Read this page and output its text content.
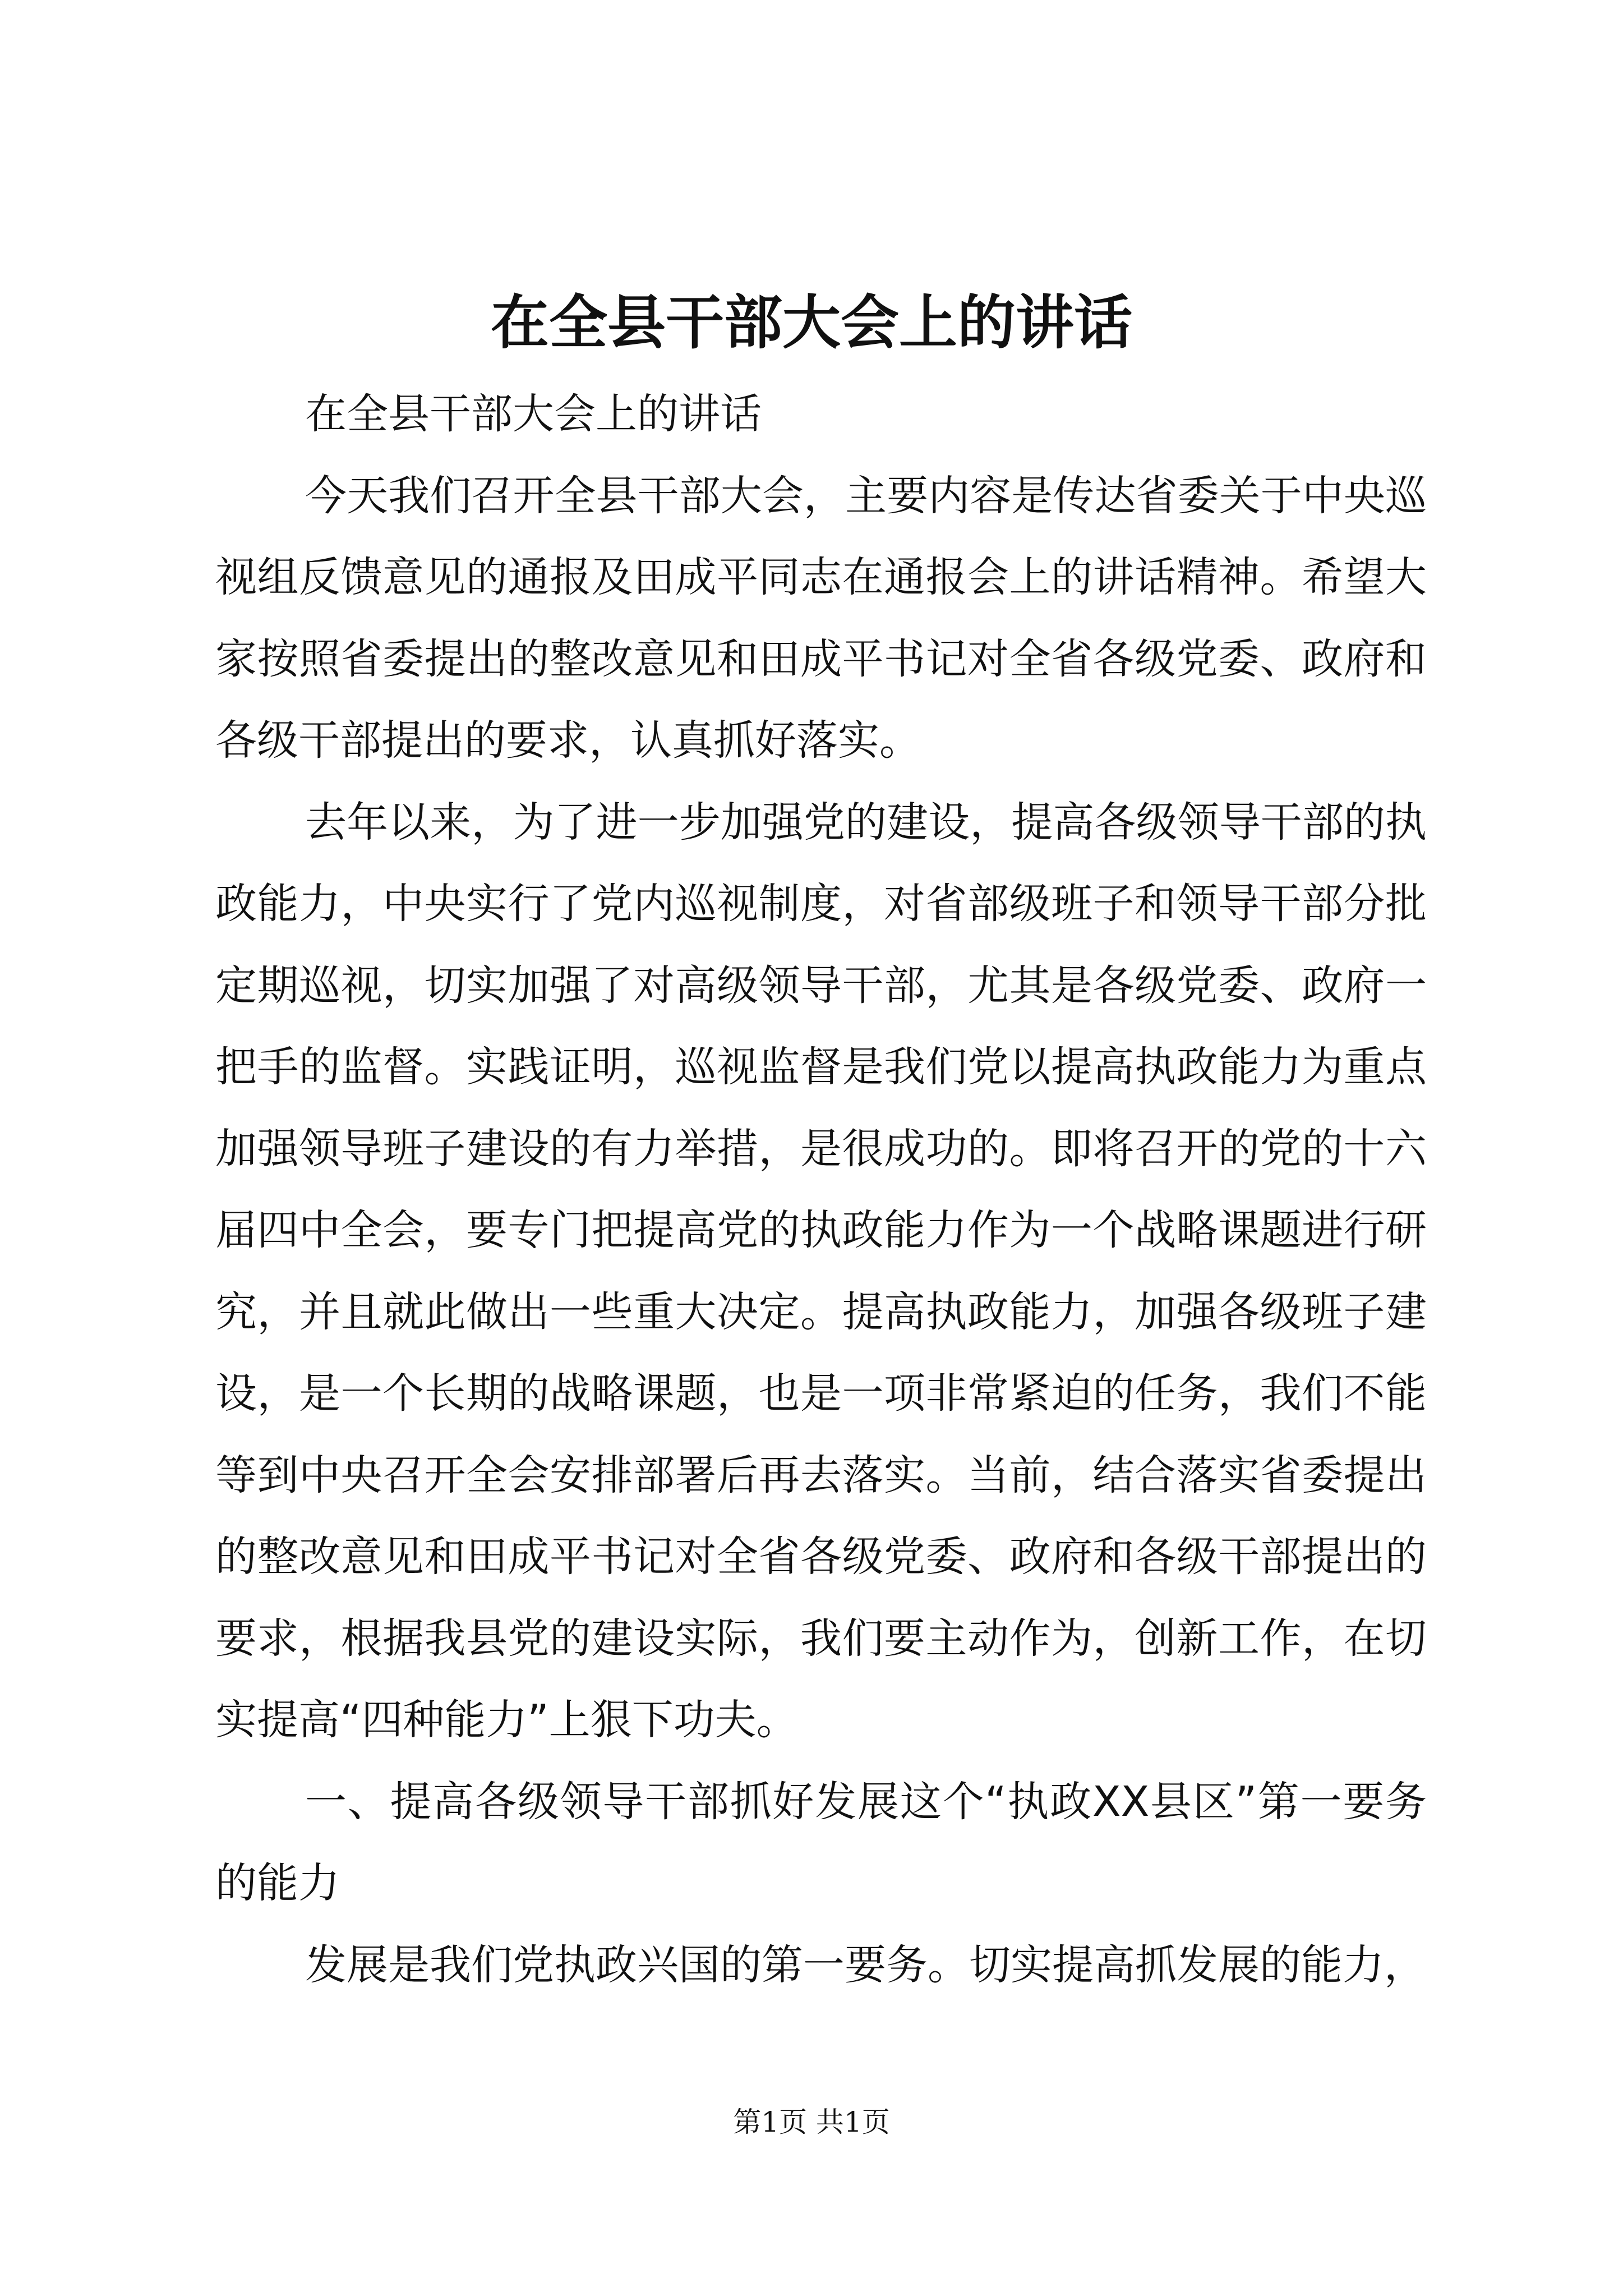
在全县干部大会上的讲话

在全县干部大会上的讲话

今天我们召开全县干部大会，主要内容是传达省委关于中央巡视组反馈意见的通报及田成平同志在通报会上的讲话精神。希望大家按照省委提出的整改意见和田成平书记对全省各级党委、政府和各级干部提出的要求，认真抓好落实。

去年以来，为了进一步加强党的建设，提高各级领导干部的执政能力，中央实行了党内巡视制度，对省部级班子和领导干部分批定期巡视，切实加强了对高级领导干部，尤其是各级党委、政府一把手的监督。实践证明，巡视监督是我们党以提高执政能力为重点加强领导班子建设的有力举措，是很成功的。即将召开的党的十六届四中全会，要专门把提高党的执政能力作为一个战略课题进行研究，并且就此做出一些重大决定。提高执政能力，加强各级班子建设，是一个长期的战略课题，也是一项非常紧迫的任务，我们不能等到中央召开全会安排部署后再去落实。当前，结合落实省委提出的整改意见和田成平书记对全省各级党委、政府和各级干部提出的要求，根据我县党的建设实际，我们要主动作为，创新工作，在切实提高“四种能力”上狠下功夫。

一、提高各级领导干部抓好发展这个“执政XX县区”第一要务的能力

发展是我们党执政兴国的第一要务。切实提高抓发展的能力，

第1页 共1页
